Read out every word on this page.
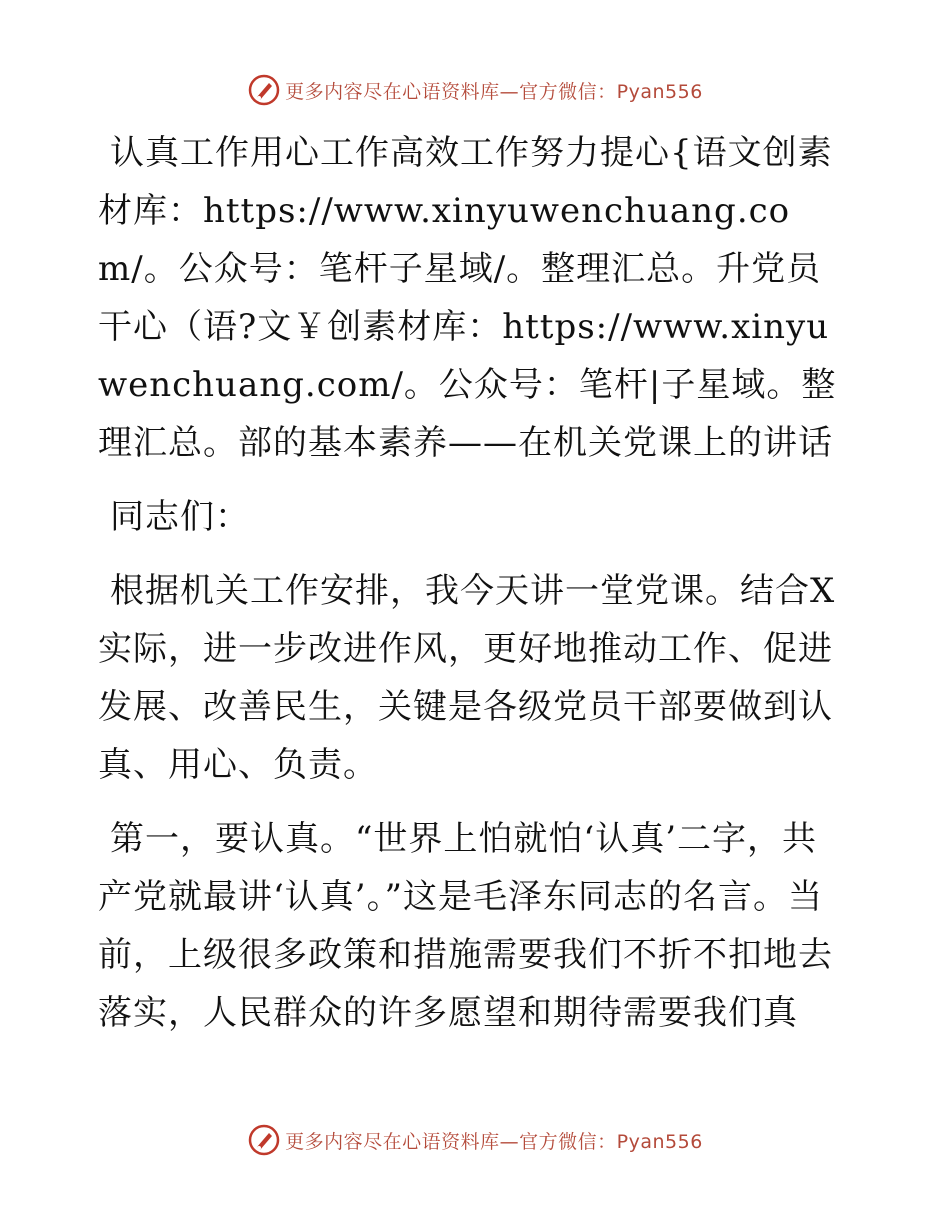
更多内容尽在心语资料库—官方微信：Pyan556

认真工作用心工作高效工作努力提心{语文创素材库：https://www.xinyuwenchuang.com/。公众号：笔杆子星域/。整理汇总。升党员干心（语?文￥创素材库：https://www.xinyuwenchuang.com/。公众号：笔杆|子星域。整理汇总。部的基本素养——在机关党课上的讲话

同志们：

根据机关工作安排，我今天讲一堂党课。结合X实际，进一步改进作风，更好地推动工作、促进发展、改善民生，关键是各级党员干部要做到认真、用心、负责。

第一，要认真。“世界上怕就怕‘认真’二字，共产党就最讲‘认真’。”这是毛泽东同志的名言。当前，上级很多政策和措施需要我们不折不扣地去落实，人民群众的许多愿望和期待需要我们真

更多内容尽在心语资料库—官方微信：Pyan556
